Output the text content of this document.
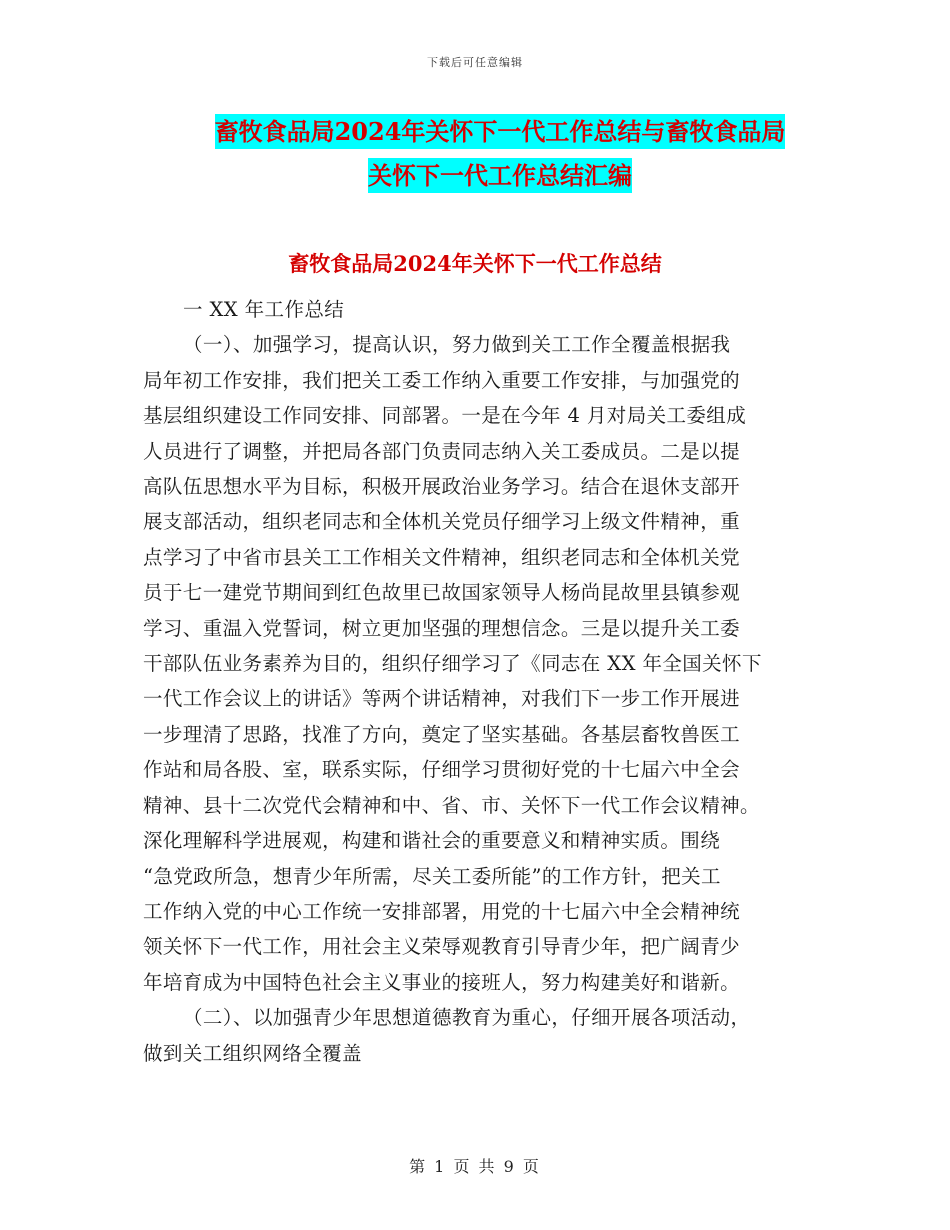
下载后可任意编辑
畜牧食品局2024年关怀下一代工作总结与畜牧食品局
关怀下一代工作总结汇编
畜牧食品局2024年关怀下一代工作总结

一 XX 年工作总结

（一）、加强学习，提高认识，努力做到关工工作全覆盖根据我

局年初工作安排，我们把关工委工作纳入重要工作安排，与加强党的

基层组织建设工作同安排、同部署。一是在今年 4 月对局关工委组成

人员进行了调整，并把局各部门负责同志纳入关工委成员。二是以提

高队伍思想水平为目标，积极开展政治业务学习。结合在退休支部开

展支部活动，组织老同志和全体机关党员仔细学习上级文件精神，重

点学习了中省市县关工工作相关文件精神，组织老同志和全体机关党

员于七一建党节期间到红色故里已故国家领导人杨尚昆故里县镇参观

学习、重温入党誓词，树立更加坚强的理想信念。三是以提升关工委

干部队伍业务素养为目的，组织仔细学习了《同志在 XX 年全国关怀下

一代工作会议上的讲话》等两个讲话精神，对我们下一步工作开展进

一步理清了思路，找准了方向，奠定了坚实基础。各基层畜牧兽医工

作站和局各股、室，联系实际，仔细学习贯彻好党的十七届六中全会

精神、县十二次党代会精神和中、省、市、关怀下一代工作会议精神。

深化理解科学进展观，构建和谐社会的重要意义和精神实质。围绕

“急党政所急，想青少年所需，尽关工委所能”的工作方针，把关工

工作纳入党的中心工作统一安排部署，用党的十七届六中全会精神统

领关怀下一代工作，用社会主义荣辱观教育引导青少年，把广阔青少

年培育成为中国特色社会主义事业的接班人，努力构建美好和谐新。

（二）、以加强青少年思想道德教育为重心，仔细开展各项活动，

做到关工组织网络全覆盖

第 1 页 共 9 页
